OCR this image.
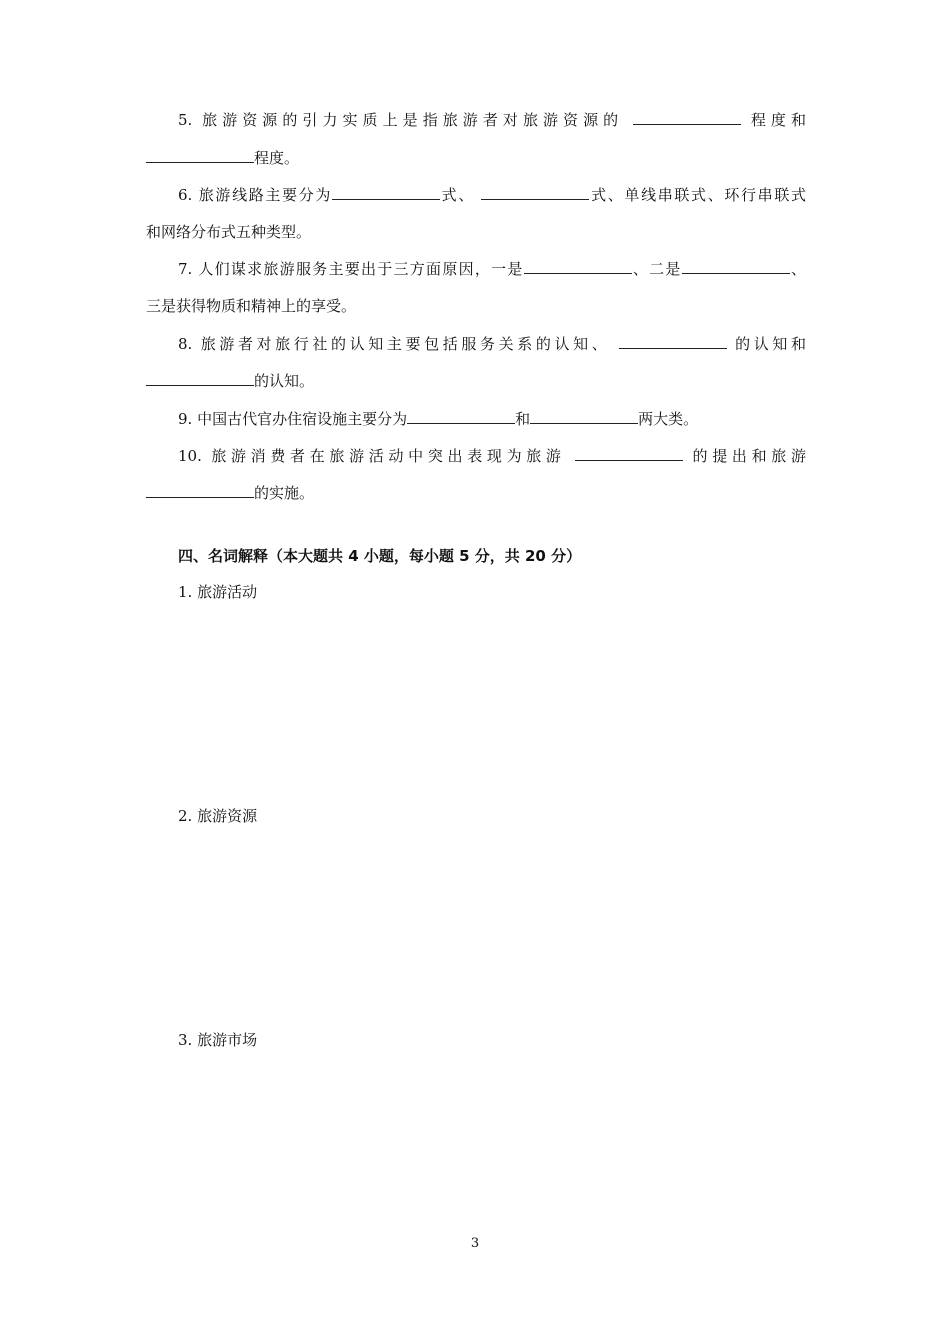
5. 旅游资源的引力实质上是指旅游者对旅游资源的	程度和
程度。
6. 旅游线路主要分为	式、	式、单线串联式、环行串联式
和网络分布式五种类型。
7. 人们谋求旅游服务主要出于三方面原因，一是	、二是	、
三是获得物质和精神上的享受。
8. 旅游者对旅行社的认知主要包括服务关系的认知、	的认知和
的认知。
9. 中国古代官办住宿设施主要分为	和	两大类。
10. 旅游消费者在旅游活动中突出表现为旅游	的提出和旅游
的实施。
四、名词解释（本大题共 4 小题，每小题 5 分，共 20 分）
1. 旅游活动
2. 旅游资源
3. 旅游市场
3
